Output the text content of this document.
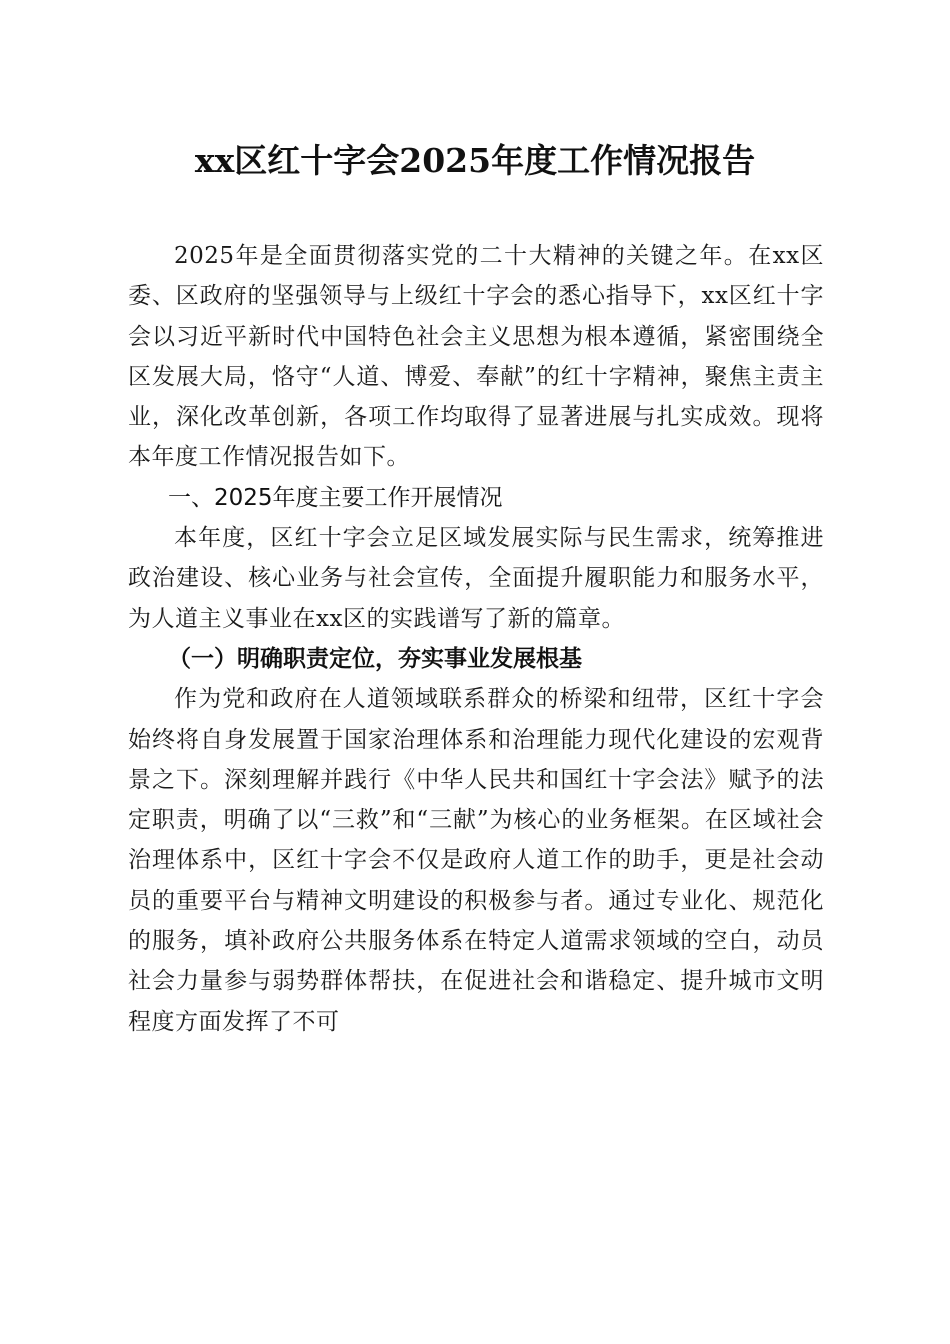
xx区红十字会2025年度工作情况报告

2025年是全面贯彻落实党的二十大精神的关键之年。在xx区委、区政府的坚强领导与上级红十字会的悉心指导下，xx区红十字会以习近平新时代中国特色社会主义思想为根本遵循，紧密围绕全区发展大局，恪守“人道、博爱、奉献”的红十字精神，聚焦主责主业，深化改革创新，各项工作均取得了显著进展与扎实成效。现将本年度工作情况报告如下。

一、2025年度主要工作开展情况

本年度，区红十字会立足区域发展实际与民生需求，统筹推进政治建设、核心业务与社会宣传，全面提升履职能力和服务水平，为人道主义事业在xx区的实践谱写了新的篇章。

（一）明确职责定位，夯实事业发展根基

作为党和政府在人道领域联系群众的桥梁和纽带，区红十字会始终将自身发展置于国家治理体系和治理能力现代化建设的宏观背景之下。深刻理解并践行《中华人民共和国红十字会法》赋予的法定职责，明确了以“三救”和“三献”为核心的业务框架。在区域社会治理体系中，区红十字会不仅是政府人道工作的助手，更是社会动员的重要平台与精神文明建设的积极参与者。通过专业化、规范化的服务，填补政府公共服务体系在特定人道需求领域的空白，动员社会力量参与弱势群体帮扶，在促进社会和谐稳定、提升城市文明程度方面发挥了不可
